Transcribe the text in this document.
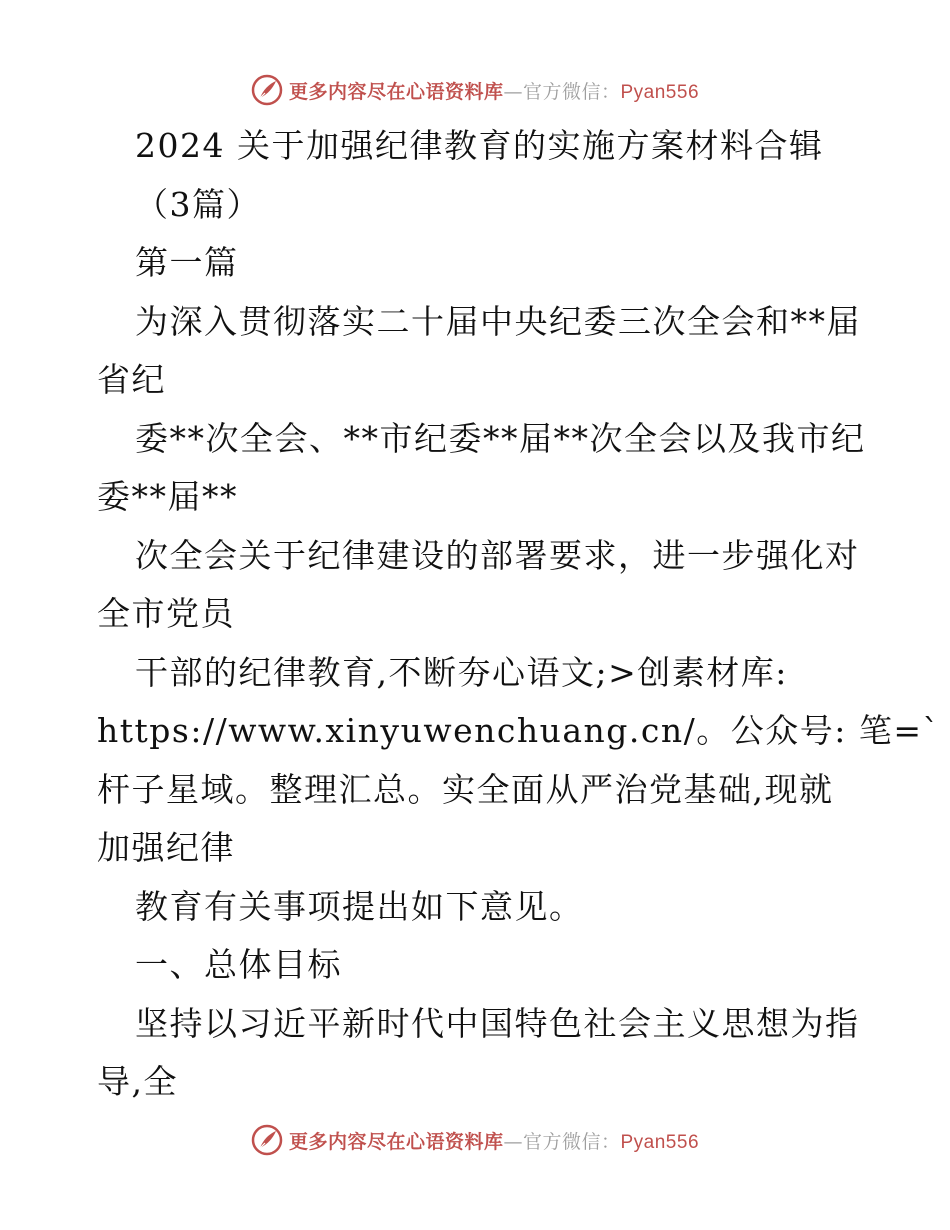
更多内容尽在心语资料库—官方微信：Pyan556
2024 关于加强纪律教育的实施方案材料合辑
（3篇）
第一篇
为深入贯彻落实二十届中央纪委三次全会和**届
省纪
委**次全会、**市纪委**届**次全会以及我市纪
委**届**
次全会关于纪律建设的部署要求，进一步强化对
全市党员
干部的纪律教育,不断夯心语文;>创素材库:
https://www.xinyuwenchuang.cn/。公众号: 笔=`
杆子星域。整理汇总。实全面从严治党基础,现就
加强纪律
教育有关事项提出如下意见。
一、总体目标
坚持以习近平新时代中国特色社会主义思想为指
导,全
更多内容尽在心语资料库—官方微信：Pyan556
